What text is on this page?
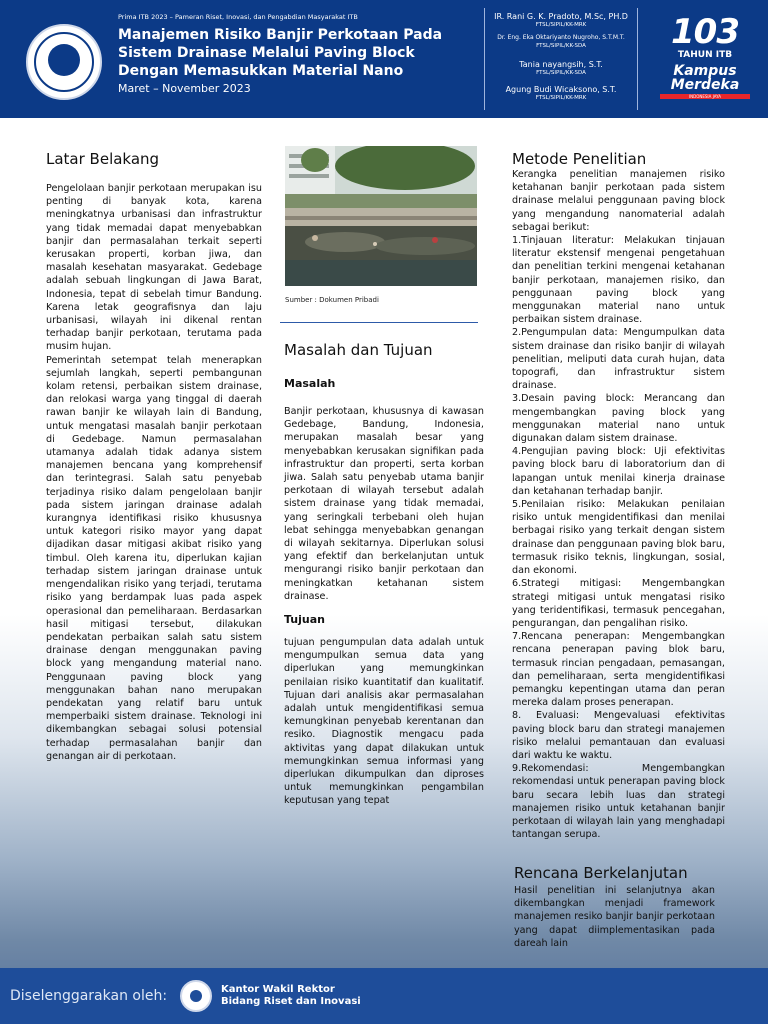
Prima ITB 2023 – Pameran Riset, Inovasi, dan Pengabdian Masyarakat ITB
Manajemen Risiko Banjir Perkotaan Pada Sistem Drainase Melalui Paving Block Dengan Memasukkan Material Nano
Maret – November 2023
IR. Rani G. K. Pradoto, M.Sc, PH.D
FTSL/SIPIL/KK-MRK
Dr. Eng. Eka Oktariyanto Nugroho, S.T.M.T.
FTSL/SIPIL/KK-SDA
Tania nayangsih, S.T.
FTSL/SIPIL/KK-SDA
Agung Budi Wicaksono, S.T.
FTSL/SIPIL/KK-MRK
103
TAHUN ITB
Kampus Merdeka
INDONESIA JAYA
Latar Belakang

Pengelolaan banjir perkotaan merupakan isu penting di banyak kota, karena meningkatnya urbanisasi dan infrastruktur yang tidak memadai dapat menyebabkan banjir dan permasalahan terkait seperti kerusakan properti, korban jiwa, dan masalah kesehatan masyarakat. Gedebage adalah sebuah lingkungan di Jawa Barat, Indonesia, tepat di sebelah timur Bandung. Karena letak geografisnya dan laju urbanisasi, wilayah ini dikenal rentan terhadap banjir perkotaan, terutama pada musim hujan.

Pemerintah setempat telah menerapkan sejumlah langkah, seperti pembangunan kolam retensi, perbaikan sistem drainase, dan relokasi warga yang tinggal di daerah rawan banjir ke wilayah lain di Bandung, untuk mengatasi masalah banjir perkotaan di Gedebage. Namun permasalahan utamanya adalah tidak adanya sistem manajemen bencana yang komprehensif dan terintegrasi. Salah satu penyebab terjadinya risiko dalam pengelolaan banjir pada sistem jaringan drainase adalah kurangnya identifikasi risiko khususnya untuk kategori risiko mayor yang dapat dijadikan dasar mitigasi akibat risiko yang timbul. Oleh karena itu, diperlukan kajian terhadap sistem jaringan drainase untuk mengendalikan risiko yang terjadi, terutama risiko yang berdampak luas pada aspek operasional dan pemeliharaan. Berdasarkan hasil mitigasi tersebut, dilakukan pendekatan perbaikan salah satu sistem drainase dengan menggunakan paving block yang mengandung material nano. Penggunaan paving block yang menggunakan bahan nano merupakan pendekatan yang relatif baru untuk memperbaiki sistem drainase. Teknologi ini dikembangkan sebagai solusi potensial terhadap permasalahan banjir dan genangan air di perkotaan.

Sumber : Dokumen Pribadi
Masalah dan Tujuan
Masalah

Banjir perkotaan, khususnya di kawasan Gedebage, Bandung, Indonesia, merupakan masalah besar yang menyebabkan kerusakan signifikan pada infrastruktur dan properti, serta korban jiwa. Salah satu penyebab utama banjir perkotaan di wilayah tersebut adalah sistem drainase yang tidak memadai, yang seringkali terbebani oleh hujan lebat sehingga menyebabkan genangan di wilayah sekitarnya. Diperlukan solusi yang efektif dan berkelanjutan untuk mengurangi risiko banjir perkotaan dan meningkatkan ketahanan sistem drainase.

Tujuan

tujuan pengumpulan data adalah untuk mengumpulkan semua data yang diperlukan yang memungkinkan penilaian risiko kuantitatif dan kualitatif. Tujuan dari analisis akar permasalahan adalah untuk mengidentifikasi semua kemungkinan penyebab kerentanan dan resiko. Diagnostik mengacu pada aktivitas yang dapat dilakukan untuk memungkinkan semua informasi yang diperlukan dikumpulkan dan diproses untuk memungkinkan pengambilan keputusan yang tepat

Metode Penelitian

Kerangka penelitian manajemen risiko ketahanan banjir perkotaan pada sistem drainase melalui penggunaan paving block yang mengandung nanomaterial adalah sebagai berikut:

1.Tinjauan literatur: Melakukan tinjauan literatur ekstensif mengenai pengetahuan dan penelitian terkini mengenai ketahanan banjir perkotaan, manajemen risiko, dan penggunaan paving block yang menggunakan material nano untuk perbaikan sistem drainase.

2.Pengumpulan data: Mengumpulkan data sistem drainase dan risiko banjir di wilayah penelitian, meliputi data curah hujan, data topografi, dan infrastruktur sistem drainase.

3.Desain paving block: Merancang dan mengembangkan paving block yang menggunakan material nano untuk digunakan dalam sistem drainase.

4.Pengujian paving block: Uji efektivitas paving block baru di laboratorium dan di lapangan untuk menilai kinerja drainase dan ketahanan terhadap banjir.

5.Penilaian risiko: Melakukan penilaian risiko untuk mengidentifikasi dan menilai berbagai risiko yang terkait dengan sistem drainase dan penggunaan paving blok baru, termasuk risiko teknis, lingkungan, sosial, dan ekonomi.

6.Strategi mitigasi: Mengembangkan strategi mitigasi untuk mengatasi risiko yang teridentifikasi, termasuk pencegahan, pengurangan, dan pengalihan risiko.

7.Rencana penerapan: Mengembangkan rencana penerapan paving blok baru, termasuk rincian pengadaan, pemasangan, dan pemeliharaan, serta mengidentifikasi pemangku kepentingan utama dan peran mereka dalam proses penerapan.

8. Evaluasi: Mengevaluasi efektivitas paving block baru dan strategi manajemen risiko melalui pemantauan dan evaluasi dari waktu ke waktu.

9.Rekomendasi: Mengembangkan rekomendasi untuk penerapan paving block baru secara lebih luas dan strategi manajemen risiko untuk ketahanan banjir perkotaan di wilayah lain yang menghadapi tantangan serupa.

Rencana Berkelanjutan

Hasil penelitian ini selanjutnya akan dikembangkan menjadi framework manajemen resiko banjir banjir perkotaan yang dapat diimplementasikan pada dareah lain

Diselenggarakan oleh:	Kantor Wakil Rektor
Bidang Riset dan Inovasi
